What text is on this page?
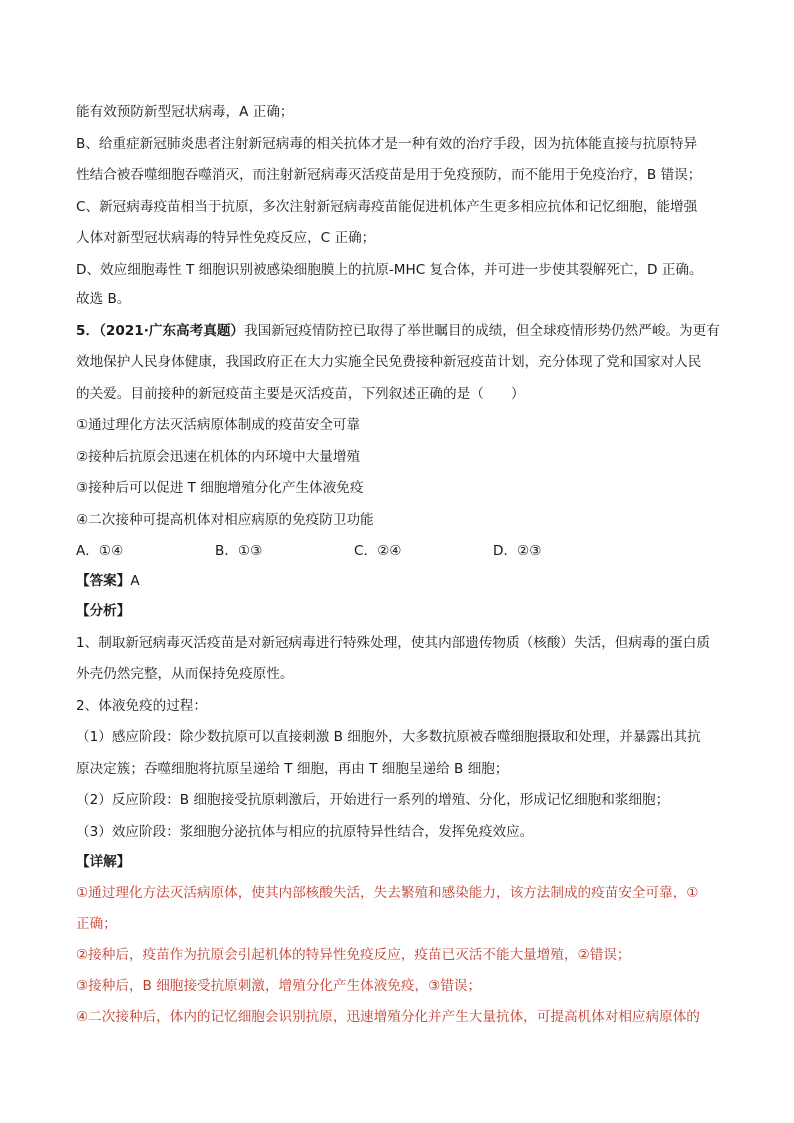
能有效预防新型冠状病毒，A 正确；
B、给重症新冠肺炎患者注射新冠病毒的相关抗体才是一种有效的治疗手段，因为抗体能直接与抗原特异
性结合被吞噬细胞吞噬消灭，而注射新冠病毒灭活疫苗是用于免疫预防，而不能用于免疫治疗，B 错误；
C、新冠病毒疫苗相当于抗原，多次注射新冠病毒疫苗能促进机体产生更多相应抗体和记忆细胞，能增强
人体对新型冠状病毒的特异性免疫反应，C 正确；
D、效应细胞毒性 T 细胞识别被感染细胞膜上的抗原-MHC 复合体，并可进一步使其裂解死亡，D 正确。
故选 B。
5．（2021·广东高考真题）我国新冠疫情防控已取得了举世瞩目的成绩，但全球疫情形势仍然严峻。为更有
效地保护人民身体健康，我国政府正在大力实施全民免费接种新冠疫苗计划，充分体现了党和国家对人民
的关爱。目前接种的新冠疫苗主要是灭活疫苗，下列叙述正确的是（　　）
①通过理化方法灭活病原体制成的疫苗安全可靠
②接种后抗原会迅速在机体的内环境中大量增殖
③接种后可以促进 T 细胞增殖分化产生体液免疫
④二次接种可提高机体对相应病原的免疫防卫功能
A．①④	B．①③	C．②④	D．②③
【答案】A
【分析】
1、制取新冠病毒灭活疫苗是对新冠病毒进行特殊处理，使其内部遗传物质（核酸）失活，但病毒的蛋白质
外壳仍然完整，从而保持免疫原性。
2、体液免疫的过程：
（1）感应阶段：除少数抗原可以直接刺激 B 细胞外，大多数抗原被吞噬细胞摄取和处理，并暴露出其抗
原决定簇；吞噬细胞将抗原呈递给 T 细胞，再由 T 细胞呈递给 B 细胞；
（2）反应阶段：B 细胞接受抗原刺激后，开始进行一系列的增殖、分化，形成记忆细胞和浆细胞；
（3）效应阶段：浆细胞分泌抗体与相应的抗原特异性结合，发挥免疫效应。
【详解】
①通过理化方法灭活病原体，使其内部核酸失活，失去繁殖和感染能力，该方法制成的疫苗安全可靠，①
正确；
②接种后，疫苗作为抗原会引起机体的特异性免疫反应，疫苗已灭活不能大量增殖，②错误；
③接种后，B 细胞接受抗原刺激，增殖分化产生体液免疫，③错误；
④二次接种后，体内的记忆细胞会识别抗原，迅速增殖分化并产生大量抗体，可提高机体对相应病原体的
